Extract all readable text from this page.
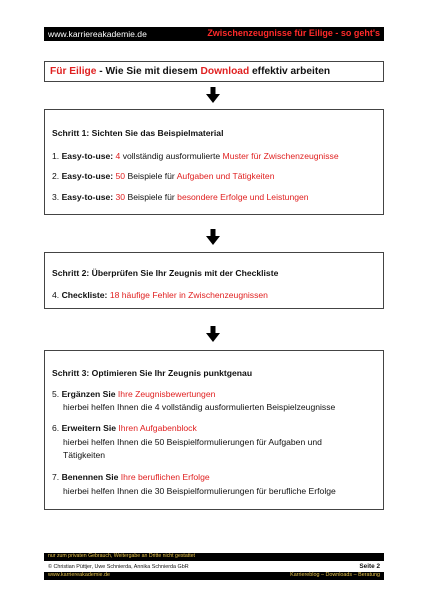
www.karriereakademie.de	Zwischenzeugnisse für Eilige - so geht's
Für Eilige - Wie Sie mit diesem Download effektiv arbeiten
Schritt 1: Sichten Sie das Beispielmaterial
1. Easy-to-use: 4 vollständig ausformulierte Muster für Zwischenzeugnisse
2. Easy-to-use: 50 Beispiele für Aufgaben und Tätigkeiten
3. Easy-to-use: 30 Beispiele für besondere Erfolge und Leistungen
Schritt 2: Überprüfen Sie Ihr Zeugnis mit der Checkliste
4. Checkliste: 18 häufige Fehler in Zwischenzeugnissen
Schritt 3: Optimieren Sie Ihr Zeugnis punktgenau
5. Ergänzen Sie Ihre Zeugnisbewertungen
hierbei helfen Ihnen die 4 vollständig ausformulierten Beispielzeugnisse
6. Erweitern Sie Ihren Aufgabenblock
hierbei helfen Ihnen die 50 Beispielformulierungen für Aufgaben und
Tätigkeiten
7. Benennen Sie Ihre beruflichen Erfolge
hierbei helfen Ihnen die 30 Beispielformulierungen für berufliche Erfolge
nur zum privaten Gebrauch, Weitergabe an Dritte nicht gestattet
© Christian Püttjer, Uwe Schnierda, Annika Schnierda GbR	Seite 2
www.karriereakademie.de	Karriereblog – Downloads – Beratung
